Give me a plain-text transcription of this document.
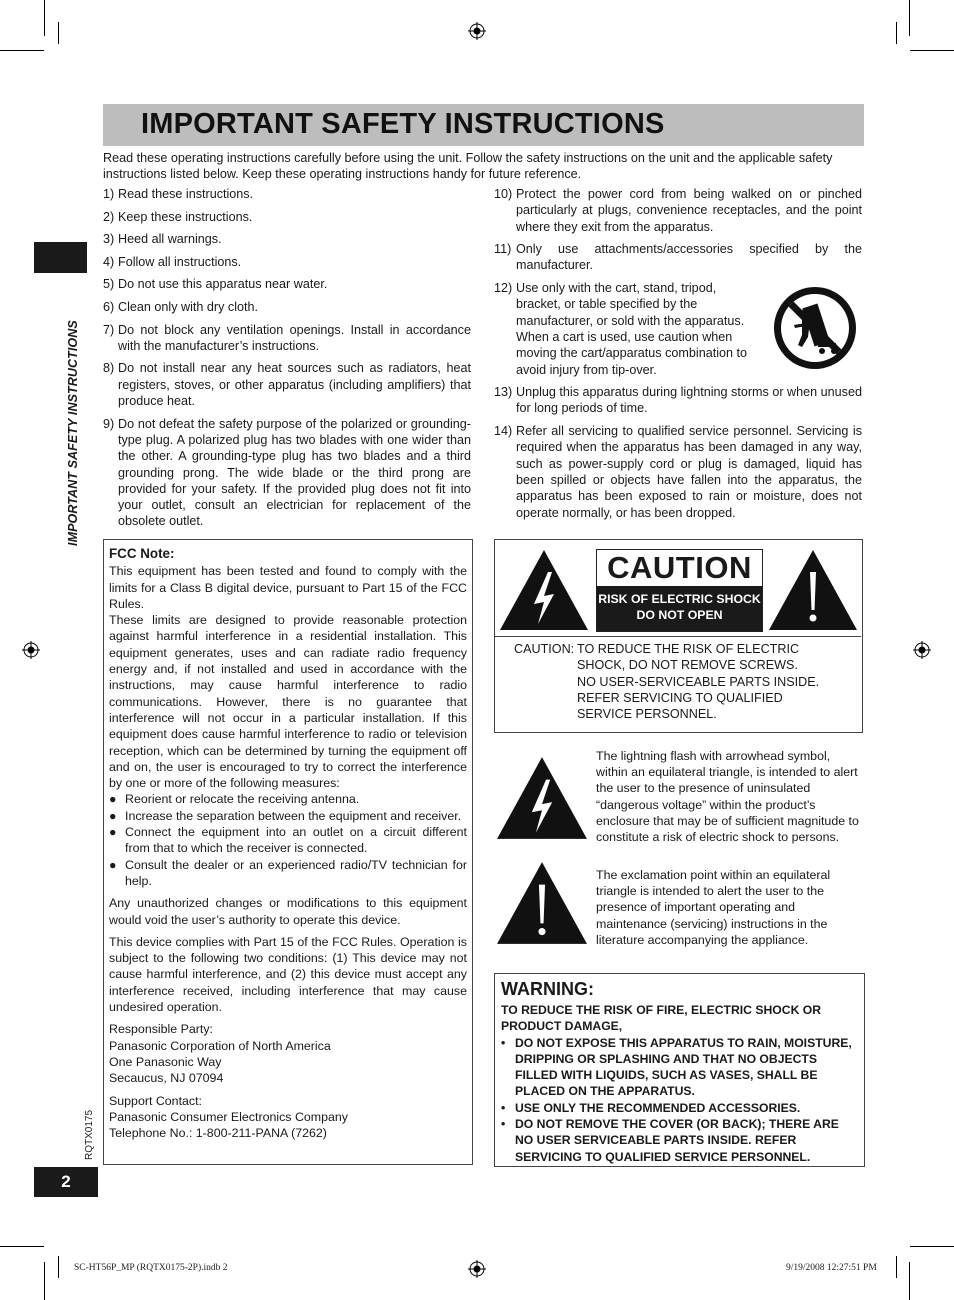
IMPORTANT SAFETY INSTRUCTIONS
Read these operating instructions carefully before using the unit. Follow the safety instructions on the unit and the applicable safety instructions listed below. Keep these operating instructions handy for future reference.
IMPORTANT SAFETY INSTRUCTIONS
1) Read these instructions.
2) Keep these instructions.
3) Heed all warnings.
4) Follow all instructions.
5) Do not use this apparatus near water.
6) Clean only with dry cloth.
7) Do not block any ventilation openings. Install in accordance with the manufacturer’s instructions.
8) Do not install near any heat sources such as radiators, heat registers, stoves, or other apparatus (including amplifiers) that produce heat.
9) Do not defeat the safety purpose of the polarized or grounding-type plug. A polarized plug has two blades with one wider than the other. A grounding-type plug has two blades and a third grounding prong. The wide blade or the third prong are provided for your safety. If the provided plug does not fit into your outlet, consult an electrician for replacement of the obsolete outlet.
10) Protect the power cord from being walked on or pinched particularly at plugs, convenience receptacles, and the point where they exit from the apparatus.
11) Only use attachments/accessories specified by the manufacturer.
12) Use only with the cart, stand, tripod, bracket, or table specified by the manufacturer, or sold with the apparatus. When a cart is used, use caution when moving the cart/apparatus combination to avoid injury from tip-over.
13) Unplug this apparatus during lightning storms or when unused for long periods of time.
14) Refer all servicing to qualified service personnel. Servicing is required when the apparatus has been damaged in any way, such as power-supply cord or plug is damaged, liquid has been spilled or objects have fallen into the apparatus, the apparatus has been exposed to rain or moisture, does not operate normally, or has been dropped.
FCC Note:
This equipment has been tested and found to comply with the limits for a Class B digital device, pursuant to Part 15 of the FCC Rules.
These limits are designed to provide reasonable protection against harmful interference in a residential installation. This equipment generates, uses and can radiate radio frequency energy and, if not installed and used in accordance with the instructions, may cause harmful interference to radio communications. However, there is no guarantee that interference will not occur in a particular installation. If this equipment does cause harmful interference to radio or television reception, which can be determined by turning the equipment off and on, the user is encouraged to try to correct the interference by one or more of the following measures:
● Reorient or relocate the receiving antenna.
● Increase the separation between the equipment and receiver.
● Connect the equipment into an outlet on a circuit different from that to which the receiver is connected.
● Consult the dealer or an experienced radio/TV technician for help.
Any unauthorized changes or modifications to this equipment would void the user’s authority to operate this device.
This device complies with Part 15 of the FCC Rules. Operation is subject to the following two conditions: (1) This device may not cause harmful interference, and (2) this device must accept any interference received, including interference that may cause undesired operation.
Responsible Party:
Panasonic Corporation of North America
One Panasonic Way
Secaucus, NJ 07094
Support Contact:
Panasonic Consumer Electronics Company
Telephone No.: 1-800-211-PANA (7262)
RQTX0175
2
CAUTION
RISK OF ELECTRIC SHOCK
DO NOT OPEN
CAUTION: TO REDUCE THE RISK OF ELECTRIC
SHOCK, DO NOT REMOVE SCREWS.
NO USER-SERVICEABLE PARTS INSIDE.
REFER SERVICING TO QUALIFIED
SERVICE PERSONNEL.
The lightning flash with arrowhead symbol, within an equilateral triangle, is intended to alert the user to the presence of uninsulated “dangerous voltage” within the product’s enclosure that may be of sufficient magnitude to constitute a risk of electric shock to persons.
The exclamation point within an equilateral triangle is intended to alert the user to the presence of important operating and maintenance (servicing) instructions in the literature accompanying the appliance.
WARNING:
TO REDUCE THE RISK OF FIRE, ELECTRIC SHOCK OR PRODUCT DAMAGE,
• DO NOT EXPOSE THIS APPARATUS TO RAIN, MOISTURE, DRIPPING OR SPLASHING AND THAT NO OBJECTS FILLED WITH LIQUIDS, SUCH AS VASES, SHALL BE PLACED ON THE APPARATUS.
• USE ONLY THE RECOMMENDED ACCESSORIES.
• DO NOT REMOVE THE COVER (OR BACK); THERE ARE NO USER SERVICEABLE PARTS INSIDE. REFER SERVICING TO QUALIFIED SERVICE PERSONNEL.
SC-HT56P_MP (RQTX0175-2P).indb 2	9/19/2008 12:27:51 PM
